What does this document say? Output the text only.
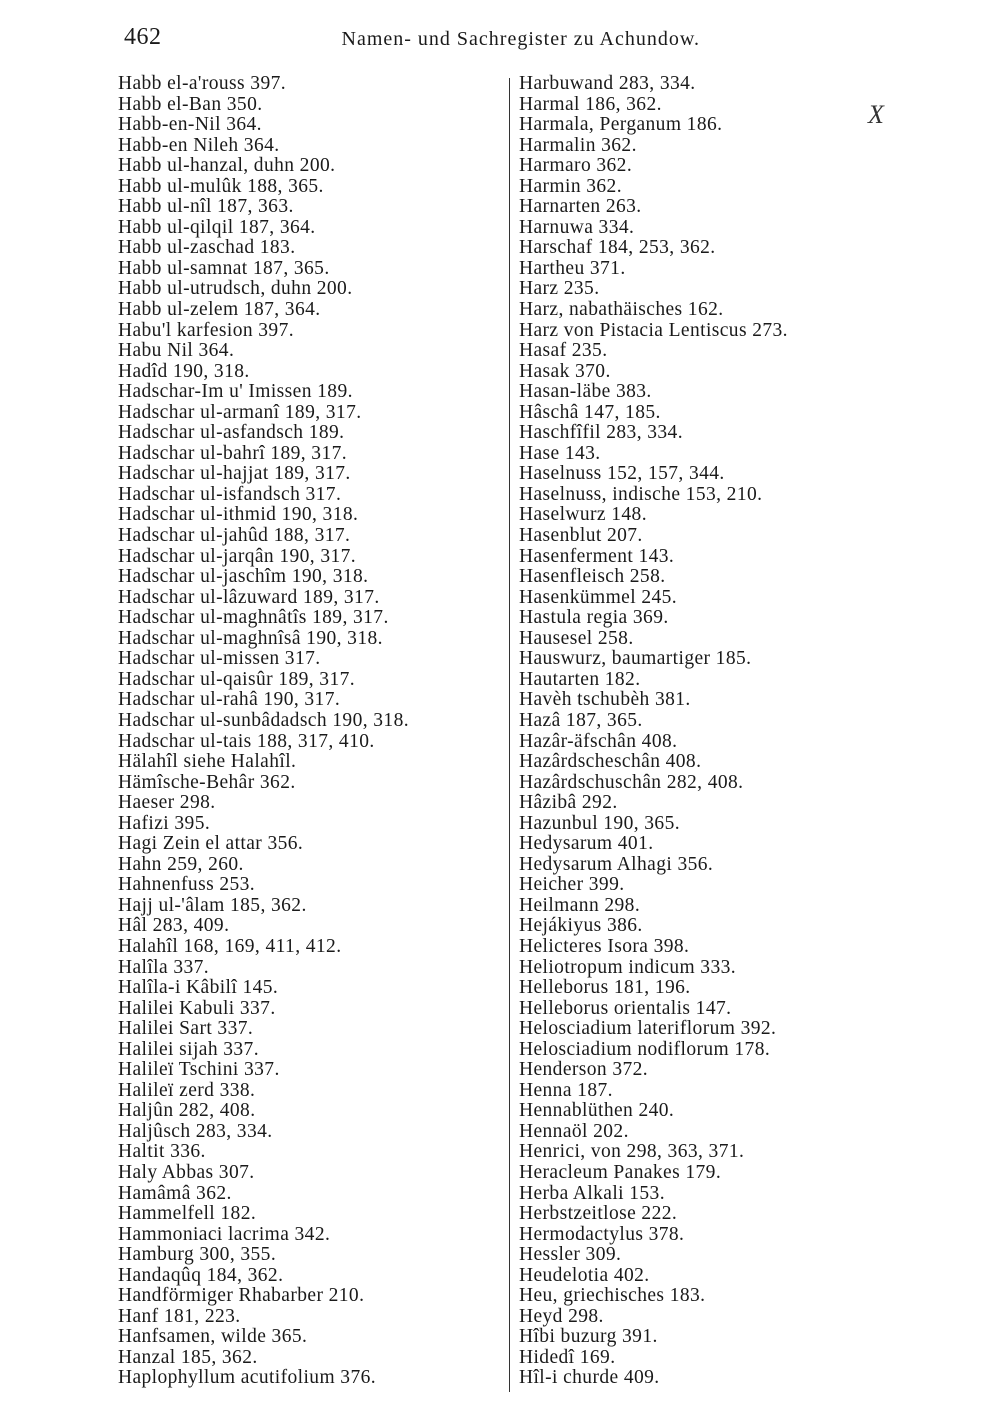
462	Namen- und Sachregister zu Achundow.
X
Habb el-a'rouss 397.
Habb el-Ban 350.
Habb-en-Nil 364.
Habb-en Nileh 364.
Habb ul-hanzal, duhn 200.
Habb ul-mulûk 188, 365.
Habb ul-nîl 187, 363.
Habb ul-qilqil 187, 364.
Habb ul-zaschad 183.
Habb ul-samnat 187, 365.
Habb ul-utrudsch, duhn 200.
Habb ul-zelem 187, 364.
Habu'l karfesion 397.
Habu Nil 364.
Hadîd 190, 318.
Hadschar-Im u' Imissen 189.
Hadschar ul-armanî 189, 317.
Hadschar ul-asfandsch 189.
Hadschar ul-bahrî 189, 317.
Hadschar ul-hajjat 189, 317.
Hadschar ul-isfandsch 317.
Hadschar ul-ithmid 190, 318.
Hadschar ul-jahûd 188, 317.
Hadschar ul-jarqân 190, 317.
Hadschar ul-jaschîm 190, 318.
Hadschar ul-lâzuward 189, 317.
Hadschar ul-maghnâtîs 189, 317.
Hadschar ul-maghnîsâ 190, 318.
Hadschar ul-missen 317.
Hadschar ul-qaisûr 189, 317.
Hadschar ul-rahâ 190, 317.
Hadschar ul-sunbâdadsch 190, 318.
Hadschar ul-tais 188, 317, 410.
Hälahîl siehe Halahîl.
Hämîsche-Behâr 362.
Haeser 298.
Hafizi 395.
Hagi Zein el attar 356.
Hahn 259, 260.
Hahnenfuss 253.
Hajj ul-'âlam 185, 362.
Hâl 283, 409.
Halahîl 168, 169, 411, 412.
Halîla 337.
Halîla-i Kâbilî 145.
Halilei Kabuli 337.
Halilei Sart 337.
Halilei sijah 337.
Halileï Tschini 337.
Halileï zerd 338.
Haljûn 282, 408.
Haljûsch 283, 334.
Haltit 336.
Haly Abbas 307.
Hamâmâ 362.
Hammelfell 182.
Hammoniaci lacrima 342.
Hamburg 300, 355.
Handaqûq 184, 362.
Handförmiger Rhabarber 210.
Hanf 181, 223.
Hanfsamen, wilde 365.
Hanzal 185, 362.
Haplophyllum acutifolium 376.
Harbuwand 283, 334.
Harmal 186, 362.
Harmala, Perganum 186.
Harmalin 362.
Harmaro 362.
Harmin 362.
Harnarten 263.
Harnuwa 334.
Harschaf 184, 253, 362.
Hartheu 371.
Harz 235.
Harz, nabathäisches 162.
Harz von Pistacia Lentiscus 273.
Hasaf 235.
Hasak 370.
Hasan-läbe 383.
Hâschâ 147, 185.
Haschfîfil 283, 334.
Hase 143.
Haselnuss 152, 157, 344.
Haselnuss, indische 153, 210.
Haselwurz 148.
Hasenblut 207.
Hasenferment 143.
Hasenfleisch 258.
Hasenkümmel 245.
Hastula regia 369.
Hausesel 258.
Hauswurz, baumartiger 185.
Hautarten 182.
Havèh tschubèh 381.
Hazâ 187, 365.
Hazâr-äfschân 408.
Hazârdscheschân 408.
Hazârdschuschân 282, 408.
Hâzibâ 292.
Hazunbul 190, 365.
Hedysarum 401.
Hedysarum Alhagi 356.
Heicher 399.
Heilmann 298.
Hejákiyus 386.
Helicteres Isora 398.
Heliotropum indicum 333.
Helleborus 181, 196.
Helleborus orientalis 147.
Helosciadium lateriflorum 392.
Helosciadium nodiflorum 178.
Henderson 372.
Henna 187.
Hennablüthen 240.
Hennaöl 202.
Henrici, von 298, 363, 371.
Heracleum Panakes 179.
Herba Alkali 153.
Herbstzeitlose 222.
Hermodactylus 378.
Hessler 309.
Heudelotia 402.
Heu, griechisches 183.
Heyd 298.
Hîbi buzurg 391.
Hidedî 169.
Hîl-i churde 409.
